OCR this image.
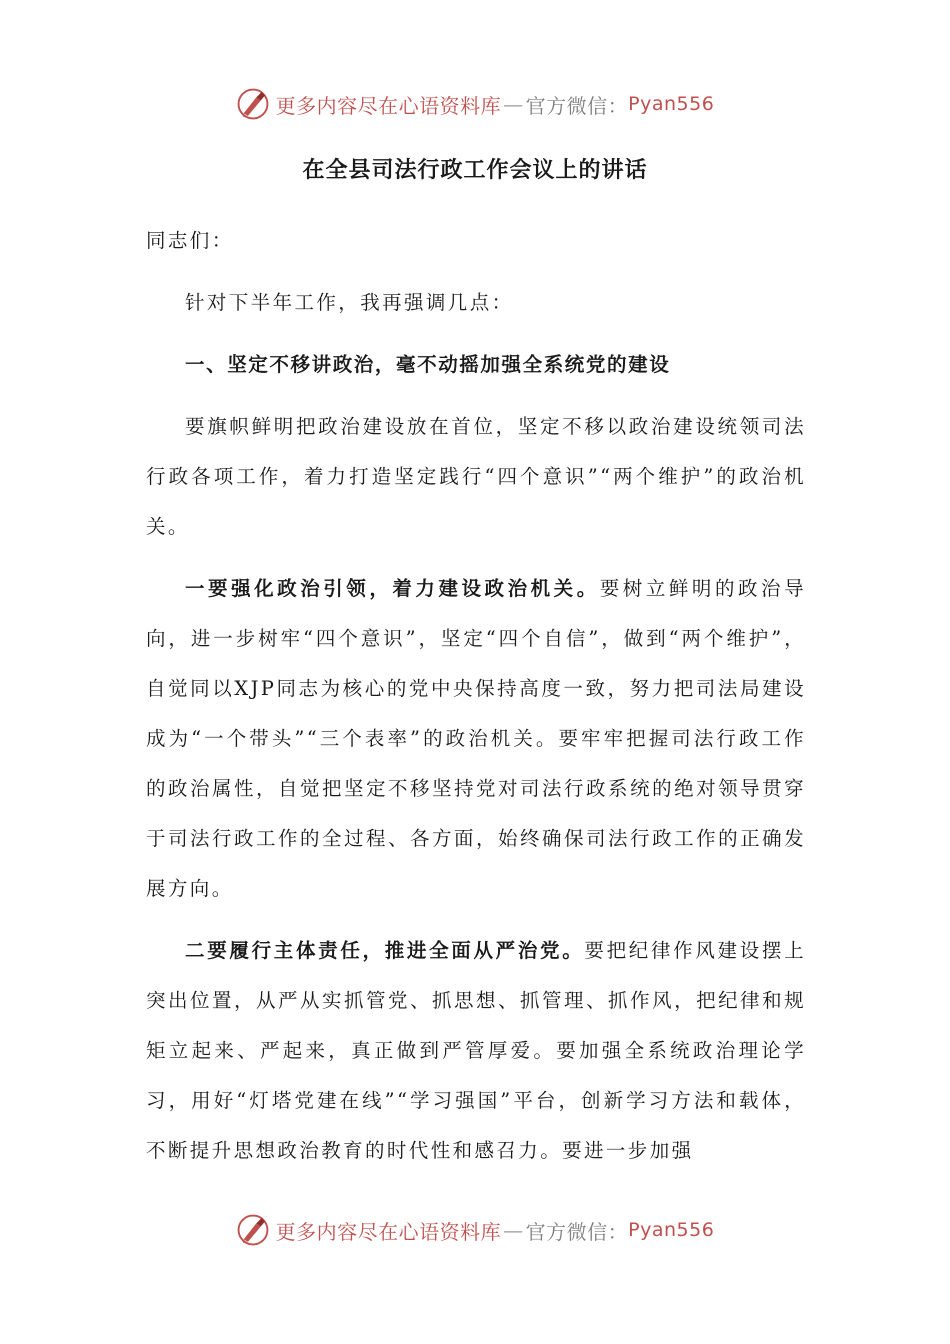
更多内容尽在心语资料库 — 官方微信： Pyan556
在全县司法行政工作会议上的讲话

同志们：

针对下半年工作，我再强调几点：

一、坚定不移讲政治，毫不动摇加强全系统党的建设

要旗帜鲜明把政治建设放在首位，坚定不移以政治建设统领司法行政各项工作，着力打造坚定践行“四个意识”“两个维护”的政治机关。

一要强化政治引领，着力建设政治机关。要树立鲜明的政治导向，进一步树牢“四个意识”，坚定“四个自信”，做到“两个维护”，自觉同以XJP同志为核心的党中央保持高度一致，努力把司法局建设成为“一个带头”“三个表率”的政治机关。要牢牢把握司法行政工作的政治属性，自觉把坚定不移坚持党对司法行政系统的绝对领导贯穿于司法行政工作的全过程、各方面，始终确保司法行政工作的正确发展方向。

二要履行主体责任，推进全面从严治党。要把纪律作风建设摆上突出位置，从严从实抓管党、抓思想、抓管理、抓作风，把纪律和规矩立起来、严起来，真正做到严管厚爱。要加强全系统政治理论学习，用好“灯塔党建在线”“学习强国”平台，创新学习方法和载体，不断提升思想政治教育的时代性和感召力。要进一步加强

更多内容尽在心语资料库 — 官方微信： Pyan556
